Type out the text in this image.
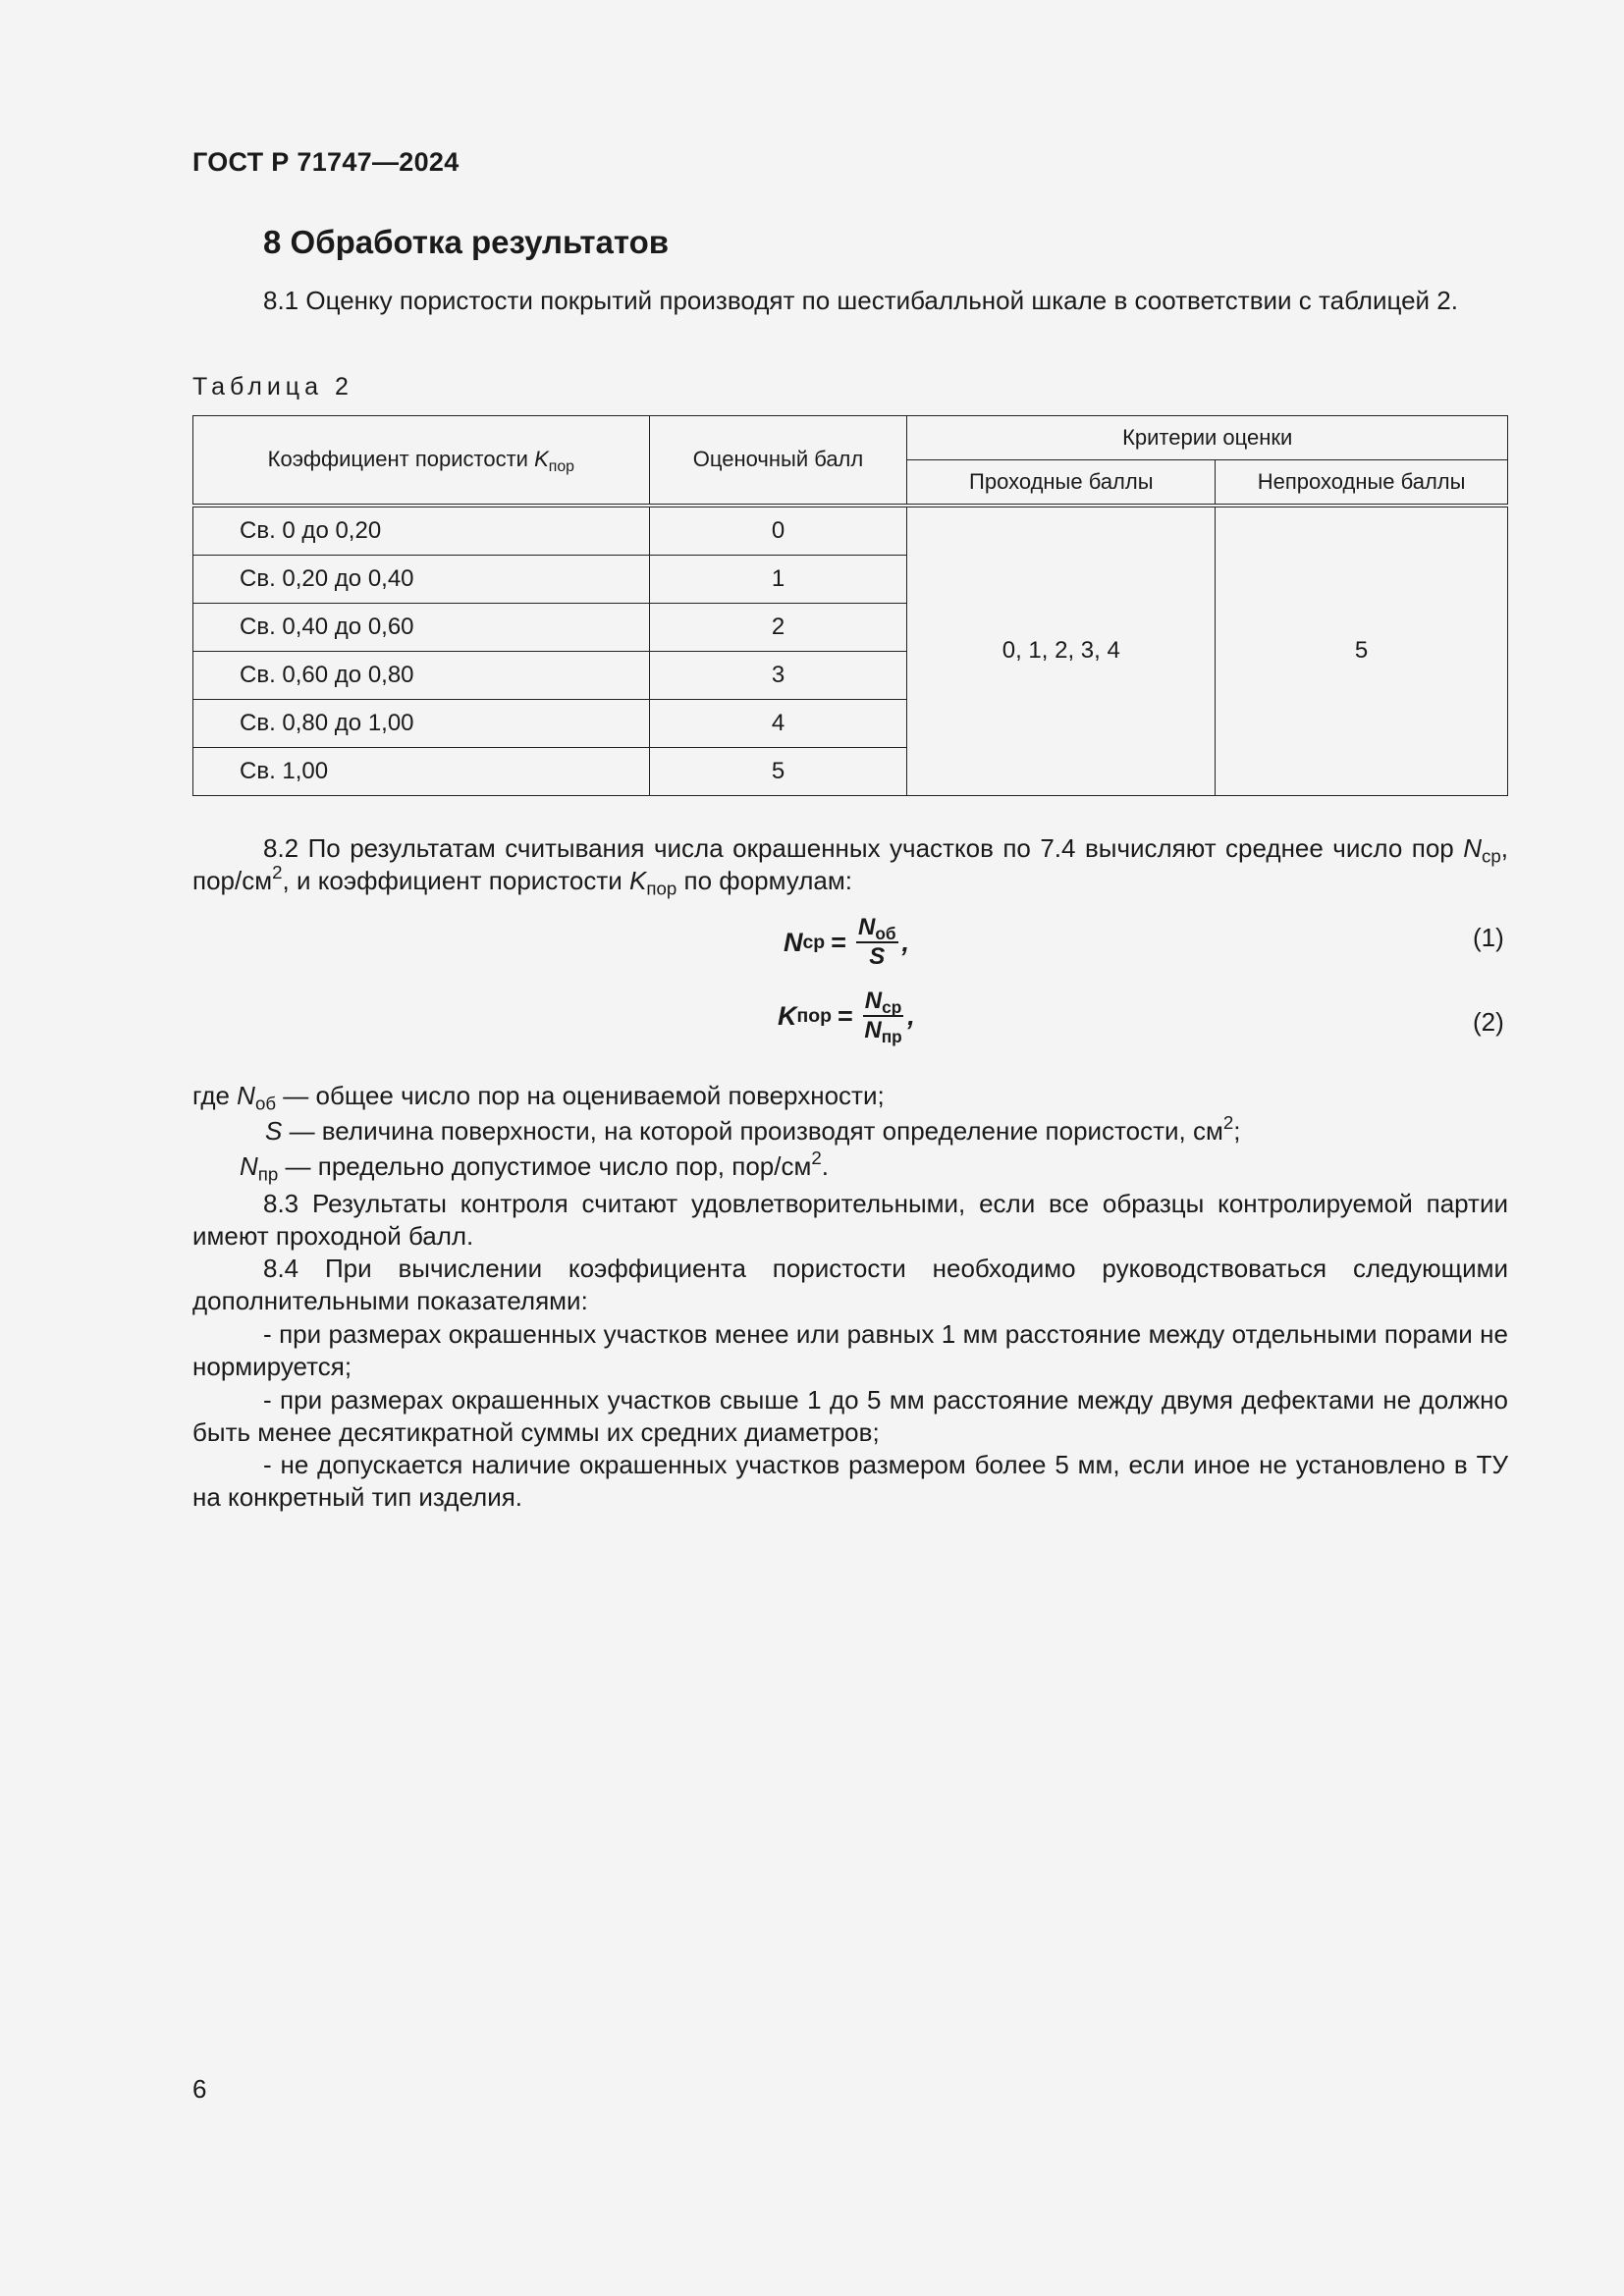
ГОСТ Р 71747—2024
8 Обработка результатов
8.1 Оценку пористости покрытий производят по шестибалльной шкале в соответствии с таблицей 2.
Таблица 2
Коэффициент пористости $K_{пор}$	Оценочный балл	Критерии оценки	
		Проходные баллы	Непроходные баллы
Св. 0 до 0,20	0	0, 1, 2, 3, 4	5
Св. 0,20 до 0,40	1		
Св. 0,40 до 0,60	2		
Св. 0,60 до 0,80	3		
Св. 0,80 до 1,00	4		
Св. 1,00	5		
8.2 По результатам считывания числа окрашенных участков по 7.4 вычисляют среднее число пор $N_{ср}$, пор/$см^2$, и коэффициент пористости $K_{пор}$ по формулам:
N ср = $\frac{N_{об}}{S}$ ,	(1)
K пор = $\frac{N_{ср}}{N_{пр}}$ ,	(2)
где $N_{об}$ — общее число пор на оцениваемой поверхности;
S — величина поверхности, на которой производят определение пористости, $см^2$;
$N_{пр}$ — предельно допустимое число пор, пор/$см^2$.
8.3 Результаты контроля считают удовлетворительными, если все образцы контролируемой партии имеют проходной балл.
8.4 При вычислении коэффициента пористости необходимо руководствоваться следующими дополнительными показателями:
- при размерах окрашенных участков менее или равных 1 мм расстояние между отдельными порами не нормируется;
- при размерах окрашенных участков свыше 1 до 5 мм расстояние между двумя дефектами не должно быть менее десятикратной суммы их средних диаметров;
- не допускается наличие окрашенных участков размером более 5 мм, если иное не установлено в ТУ на конкретный тип изделия.
6
